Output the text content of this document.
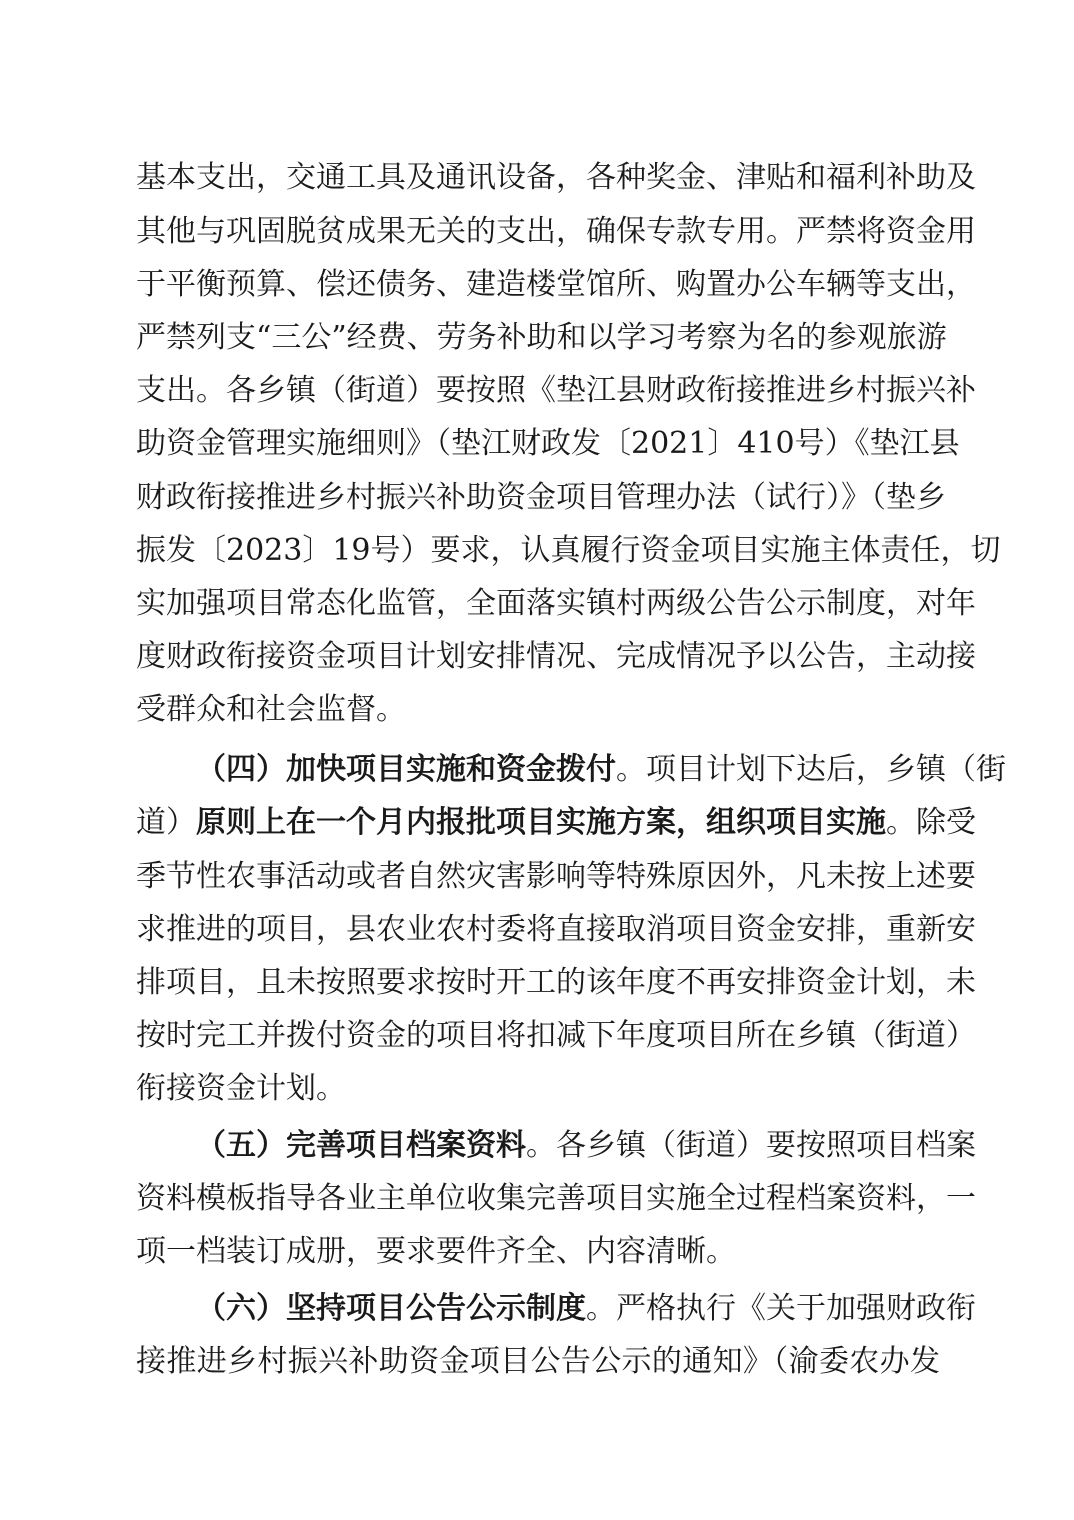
基本支出，交通工具及通讯设备，各种奖金、津贴和福利补助及
其他与巩固脱贫成果无关的支出，确保专款专用。严禁将资金用
于平衡预算、偿还债务、建造楼堂馆所、购置办公车辆等支出，
严禁列支“三公”经费、劳务补助和以学习考察为名的参观旅游
支出。各乡镇（街道）要按照《垫江县财政衔接推进乡村振兴补
助资金管理实施细则》（垫江财政发〔2021〕410号）《垫江县
财政衔接推进乡村振兴补助资金项目管理办法（试行）》（垫乡
振发〔2023〕19号）要求，认真履行资金项目实施主体责任，切
实加强项目常态化监管，全面落实镇村两级公告公示制度，对年
度财政衔接资金项目计划安排情况、完成情况予以公告，主动接
受群众和社会监督。
（四）加快项目实施和资金拨付。项目计划下达后，乡镇（街
道）原则上在一个月内报批项目实施方案，组织项目实施。除受
季节性农事活动或者自然灾害影响等特殊原因外，凡未按上述要
求推进的项目，县农业农村委将直接取消项目资金安排，重新安
排项目，且未按照要求按时开工的该年度不再安排资金计划，未
按时完工并拨付资金的项目将扣减下年度项目所在乡镇（街道）
衔接资金计划。
（五）完善项目档案资料。各乡镇（街道）要按照项目档案
资料模板指导各业主单位收集完善项目实施全过程档案资料，一
项一档装订成册，要求要件齐全、内容清晰。
（六）坚持项目公告公示制度。严格执行《关于加强财政衔
接推进乡村振兴补助资金项目公告公示的通知》（渝委农办发
